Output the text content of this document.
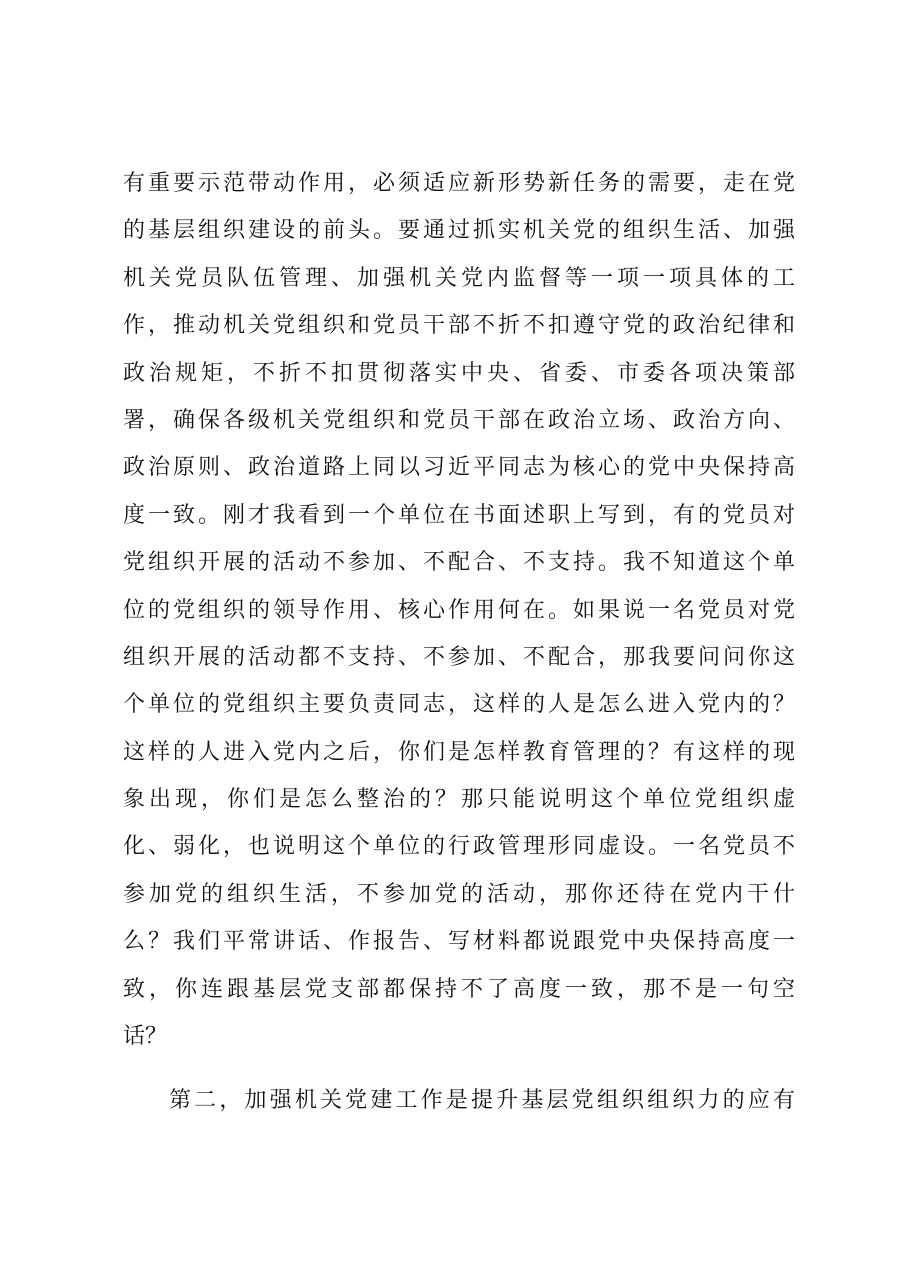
有重要示范带动作用，必须适应新形势新任务的需要，走在党
的基层组织建设的前头。要通过抓实机关党的组织生活、加强
机关党员队伍管理、加强机关党内监督等一项一项具体的工
作，推动机关党组织和党员干部不折不扣遵守党的政治纪律和
政治规矩，不折不扣贯彻落实中央、省委、市委各项决策部
署，确保各级机关党组织和党员干部在政治立场、政治方向、
政治原则、政治道路上同以习近平同志为核心的党中央保持高
度一致。刚才我看到一个单位在书面述职上写到，有的党员对
党组织开展的活动不参加、不配合、不支持。我不知道这个单
位的党组织的领导作用、核心作用何在。如果说一名党员对党
组织开展的活动都不支持、不参加、不配合，那我要问问你这
个单位的党组织主要负责同志，这样的人是怎么进入党内的？
这样的人进入党内之后，你们是怎样教育管理的？有这样的现
象出现，你们是怎么整治的？那只能说明这个单位党组织虚
化、弱化，也说明这个单位的行政管理形同虚设。一名党员不
参加党的组织生活，不参加党的活动，那你还待在党内干什
么？我们平常讲话、作报告、写材料都说跟党中央保持高度一
致，你连跟基层党支部都保持不了高度一致，那不是一句空
话？
第二，加强机关党建工作是提升基层党组织组织力的应有
